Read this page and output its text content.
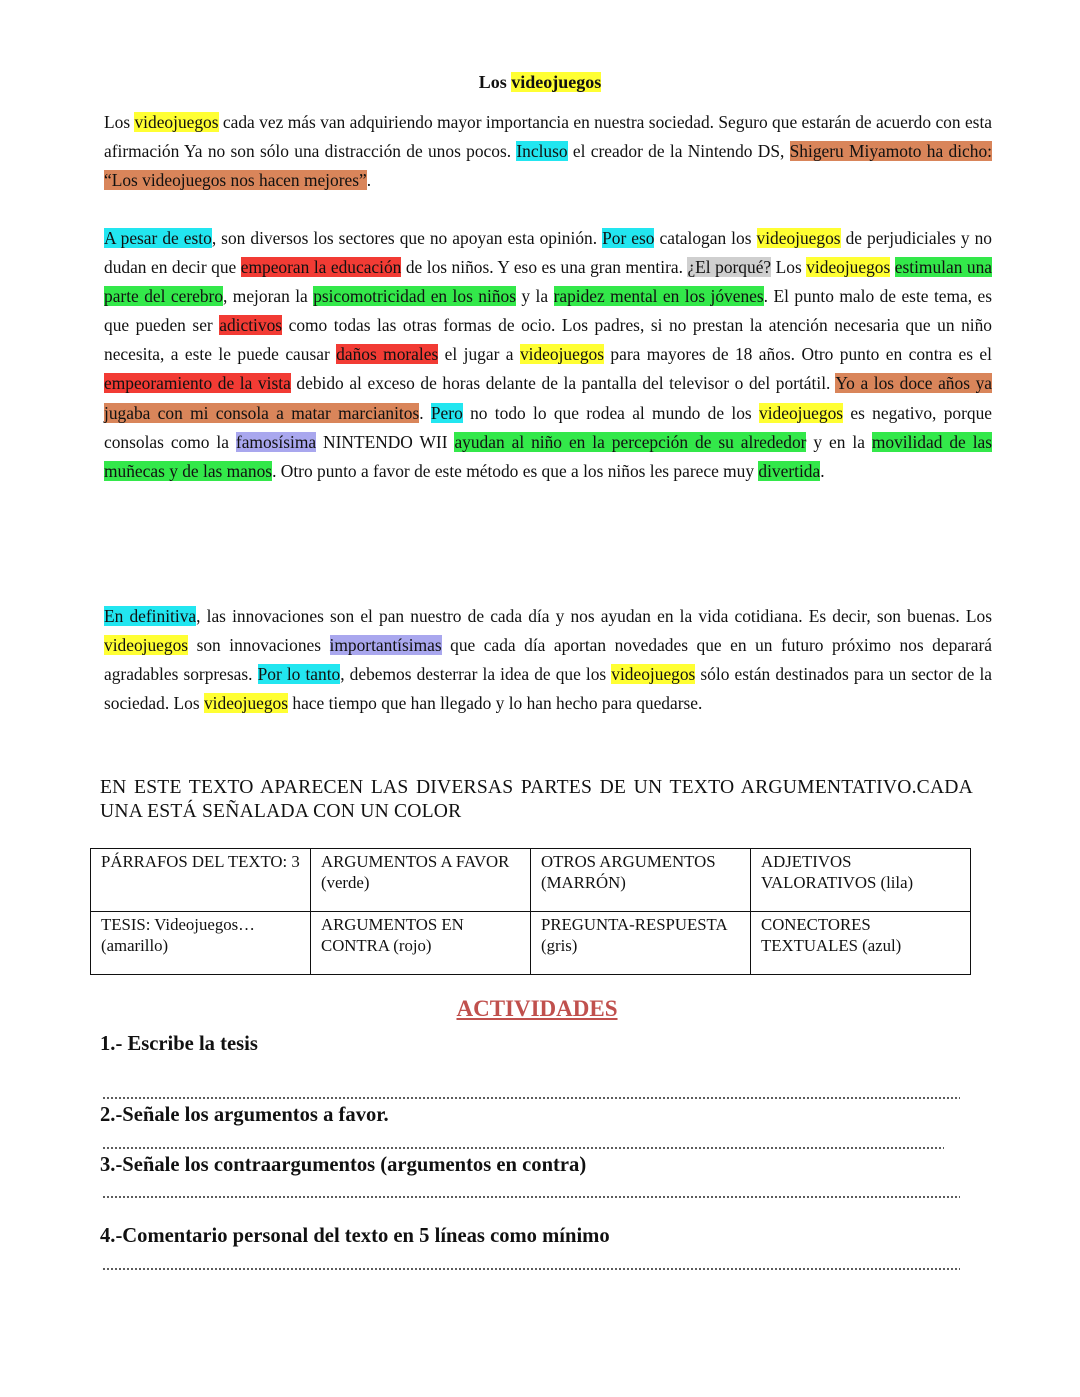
Los videojuegos
Los videojuegos cada vez más van adquiriendo mayor importancia en nuestra sociedad. Seguro que estarán de acuerdo con esta afirmación Ya no son sólo una distracción de unos pocos. Incluso el creador de la Nintendo DS, Shigeru Miyamoto ha dicho: “Los videojuegos nos hacen mejores”.
A pesar de esto, son diversos los sectores que no apoyan esta opinión. Por eso catalogan los videojuegos de perjudiciales y no dudan en decir que empeoran la educación de los niños. Y eso es una gran mentira. ¿El porqué? Los videojuegos estimulan una parte del cerebro, mejoran la psicomotricidad en los niños y la rapidez mental en los jóvenes. El punto malo de este tema, es que pueden ser adictivos como todas las otras formas de ocio. Los padres, si no prestan la atención necesaria que un niño necesita, a este le puede causar daños morales el jugar a videojuegos para mayores de 18 años. Otro punto en contra es el empeoramiento de la vista debido al exceso de horas delante de la pantalla del televisor o del portátil. Yo a los doce años ya jugaba con mi consola a matar marcianitos. Pero no todo lo que rodea al mundo de los videojuegos es negativo, porque consolas como la famosísima NINTENDO WII ayudan al niño en la percepción de su alrededor y en la movilidad de las muñecas y de las manos. Otro punto a favor de este método es que a los niños les parece muy divertida.
En definitiva, las innovaciones son el pan nuestro de cada día y nos ayudan en la vida cotidiana. Es decir, son buenas. Los videojuegos son innovaciones importantísimas que cada día aportan novedades que en un futuro próximo nos deparará agradables sorpresas. Por lo tanto, debemos desterrar la idea de que los videojuegos sólo están destinados para un sector de la sociedad. Los videojuegos hace tiempo que han llegado y lo han hecho para quedarse.
EN ESTE TEXTO APARECEN LAS DIVERSAS PARTES DE UN TEXTO ARGUMENTATIVO.CADA UNA ESTÁ SEÑALADA CON UN COLOR
PÁRRAFOS DEL TEXTO: 3	ARGUMENTOS A FAVOR (verde)	OTROS ARGUMENTOS (MARRÓN)	ADJETIVOS VALORATIVOS (lila)
TESIS: Videojuegos…(amarillo)	ARGUMENTOS EN CONTRA (rojo)	PREGUNTA-RESPUESTA (gris)	CONECTORES TEXTUALES (azul)
ACTIVIDADES
1.- Escribe la tesis
2.-Señale los argumentos a favor.
3.-Señale los contraargumentos (argumentos en contra)
4.-Comentario personal del texto en 5 líneas como mínimo
